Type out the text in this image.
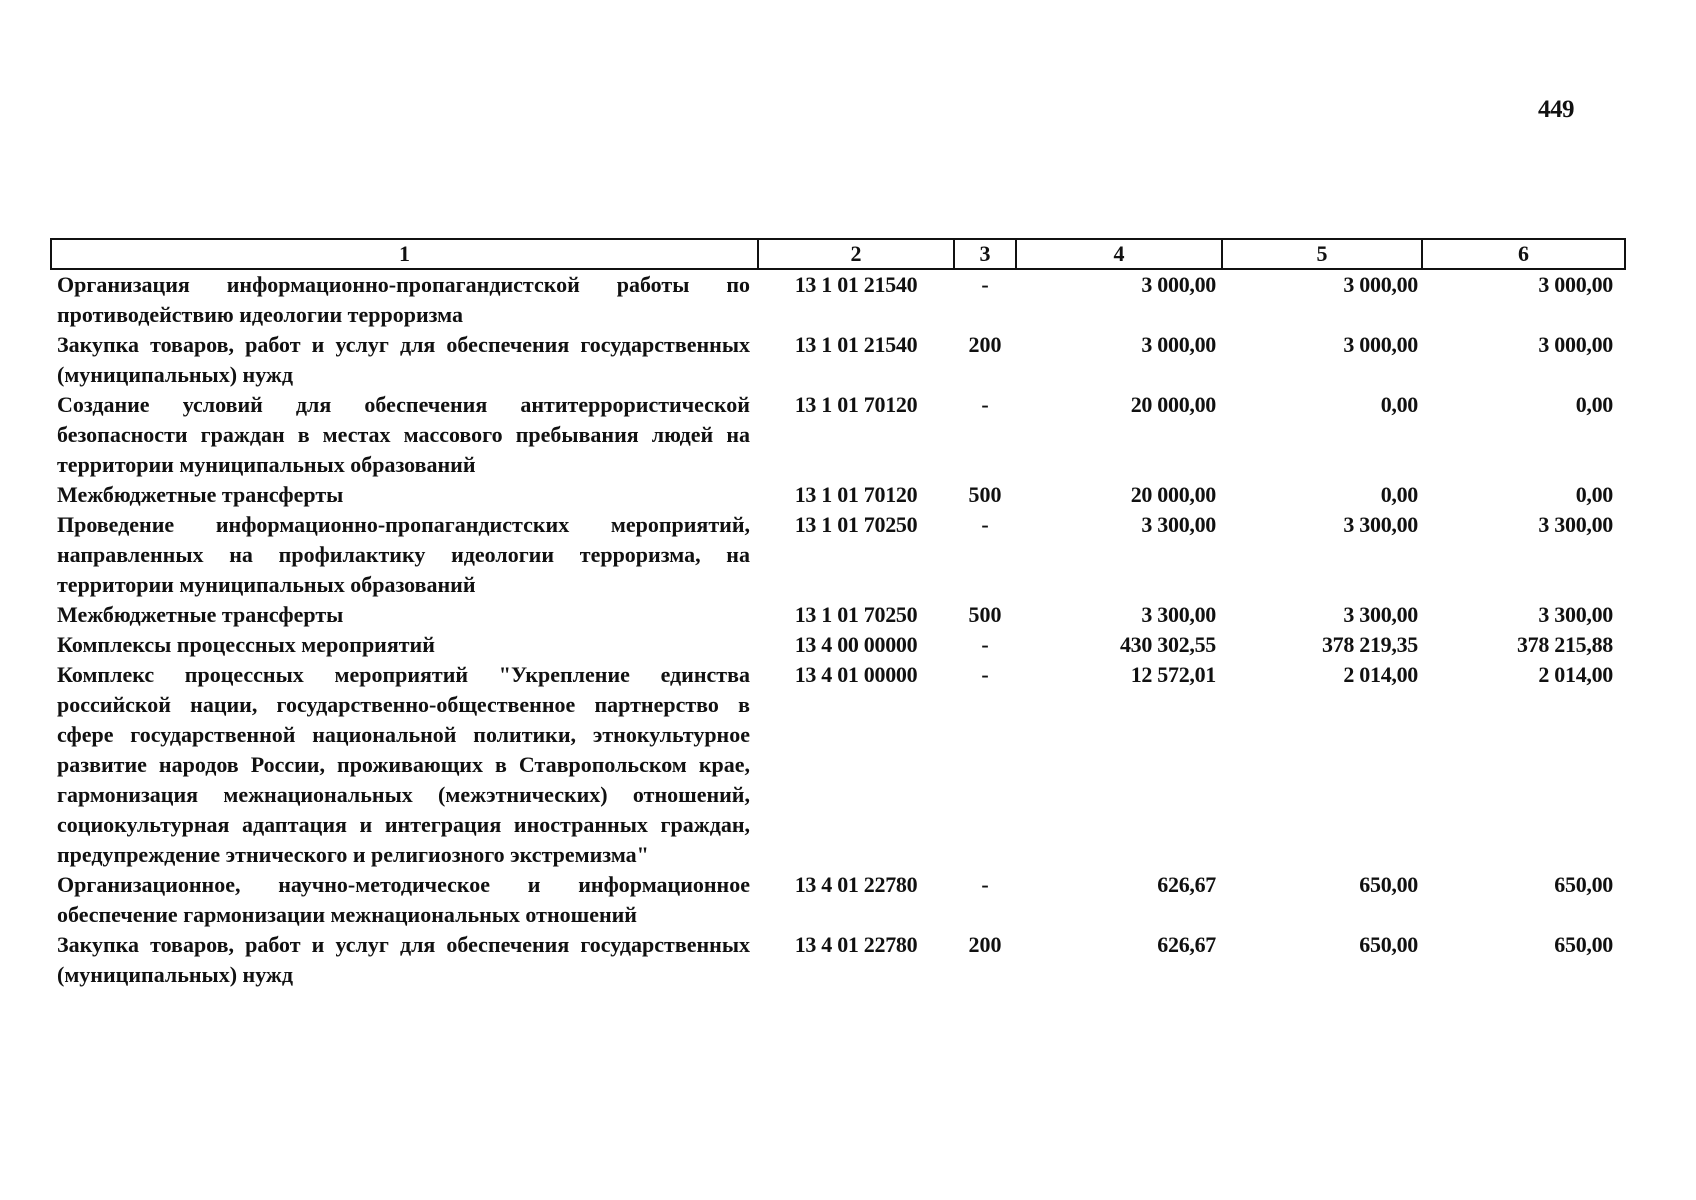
449
1	2	3	4	5	6
Организация информационно-пропагандистской работы по противодействию идеологии терроризма	13 1 01 21540	-	3 000,00	3 000,00	3 000,00
Закупка товаров, работ и услуг для обеспечения государственных (муниципальных) нужд	13 1 01 21540	200	3 000,00	3 000,00	3 000,00
Создание условий для обеспечения антитеррористической безопасности граждан в местах массового пребывания людей на территории муниципальных образований	13 1 01 70120	-	20 000,00	0,00	0,00
Межбюджетные трансферты	13 1 01 70120	500	20 000,00	0,00	0,00
Проведение информационно-пропагандистских мероприятий, направленных на профилактику идеологии терроризма, на территории муниципальных образований	13 1 01 70250	-	3 300,00	3 300,00	3 300,00
Межбюджетные трансферты	13 1 01 70250	500	3 300,00	3 300,00	3 300,00
Комплексы процессных мероприятий	13 4 00 00000	-	430 302,55	378 219,35	378 215,88
Комплекс процессных мероприятий "Укрепление единства российской нации, государственно-общественное партнерство в сфере государственной национальной политики, этнокультурное развитие народов России, проживающих в Ставропольском крае, гармонизация межнациональных (межэтнических) отношений, социокультурная адаптация и интеграция иностранных граждан, предупреждение этнического и религиозного экстремизма"	13 4 01 00000	-	12 572,01	2 014,00	2 014,00
Организационное, научно-методическое и информационное обеспечение гармонизации межнациональных отношений	13 4 01 22780	-	626,67	650,00	650,00
Закупка товаров, работ и услуг для обеспечения государственных (муниципальных) нужд	13 4 01 22780	200	626,67	650,00	650,00
